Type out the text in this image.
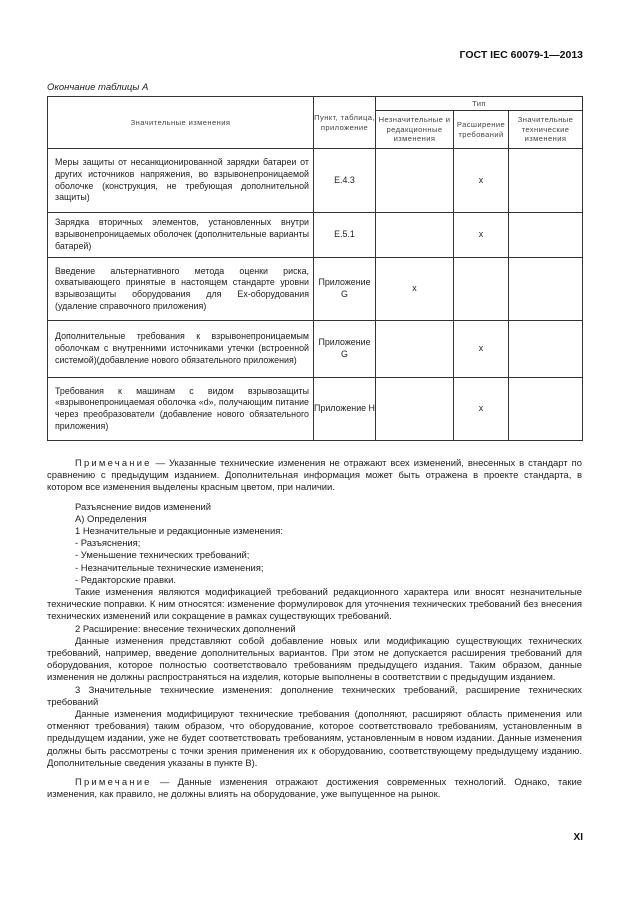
ГОСТ IEC 60079-1—2013
Окончание таблицы А
Значительные изменения	Пункт, таблица, приложение	Тип		
		Незначительные и редакционные изменения	Расширение требований	Значительные технические изменения
Меры защиты от несанкционированной зарядки батареи от других источников напряжения, во взрывонепроницаемой оболочке (конструкция, не требующая дополнительной защиты)	E.4.3		x	
Зарядка вторичных элементов, установленных внутри взрывонепроницаемых оболочек (дополнительные варианты батарей)	E.5.1		x	
Введение альтернативного метода оценки риска, охватывающего принятые в настоящем стандарте уровни взрывозащиты оборудования для Ex-оборудования (удаление справочного приложения)	Приложение G	x		
Дополнительные требования к взрывонепроницаемым оболочкам с внутренними источниками утечки (встроенной системой)(добавление нового обязательного приложения)	Приложение G		x	
Требования к машинам с видом взрывозащиты «взрывонепроницаемая оболочка «d», получающим питание через преобразователи (добавление нового обязательного приложения)	Приложение H		x	

Примечание — Указанные технические изменения не отражают всех изменений, внесенных в стандарт по сравнению с предыдущим изданием. Дополнительная информация может быть отражена в проекте стандарта, в котором все изменения выделены красным цветом, при наличии.

Разъяснение видов изменений

А) Определения

1 Незначительные и редакционные изменения:

- Разъяснения;

- Уменьшение технических требований;

- Незначительные технические изменения;

- Редакторские правки.

Такие изменения являются модификацией требований редакционного характера или вносят незначительные технические поправки. К ним относятся: изменение формулировок для уточнения технических требований без внесения технических изменений или сокращение в рамках существующих требований.

2 Расширение: внесение технических дополнений

Данные изменения представляют собой добавление новых или модификацию существующих технических требований, например, введение дополнительных вариантов. При этом не допускается расширения требований для оборудования, которое полностью соответствовало требованиям предыдущего издания. Таким образом, данные изменения не должны распространяться на изделия, которые выполнены в соответствии с предыдущим изданием.

3 Значительные технические изменения: дополнение технических требований, расширение технических требований

Данные изменения модифицируют технические требования (дополняют, расширяют область применения или отменяют требования) таким образом, что оборудование, которое соответствовало требованиям, установленным в предыдущем издании, уже не будет соответствовать требованиям, установленным в новом издании. Данные изменения должны быть рассмотрены с точки зрения применения их к оборудованию, соответствующему предыдущему изданию. Дополнительные сведения указаны в пункте В).

Примечание — Данные изменения отражают достижения современных технологий. Однако, такие изменения, как правило, не должны влиять на оборудование, уже выпущенное на рынок.

XI
